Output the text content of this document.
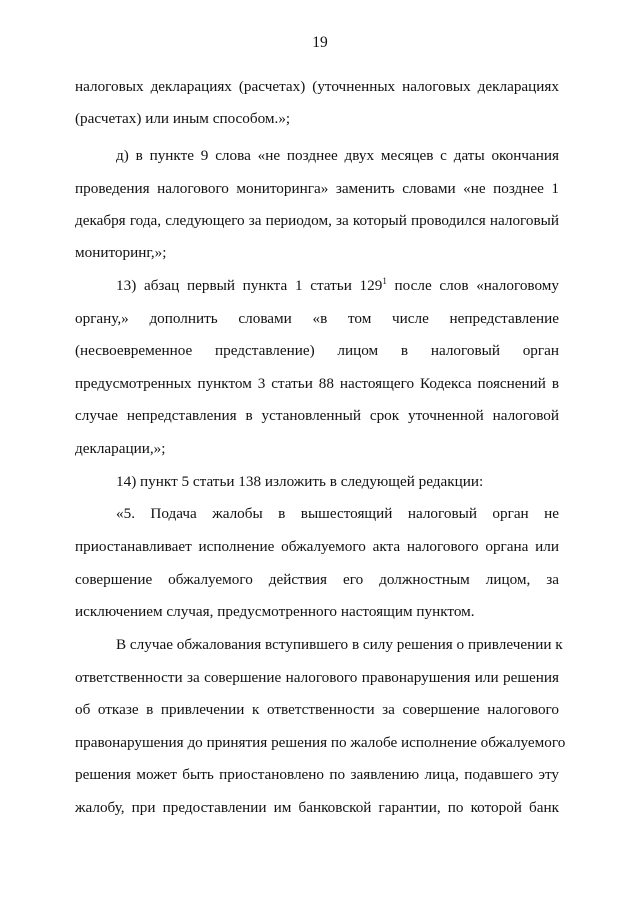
19
налоговых декларациях (расчетах) (уточненных налоговых декларациях
(расчетах) или иным способом.»;
д) в пункте 9 слова «не позднее двух месяцев с даты окончания
проведения налогового мониторинга» заменить словами «не позднее 1
декабря года, следующего за периодом, за который проводился налоговый
мониторинг,»;
13) абзац первый пункта 1 статьи $129^1$ после слов «налоговому
органу,» дополнить словами «в том числе непредставление
(несвоевременное представление) лицом в налоговый орган
предусмотренных пунктом 3 статьи 88 настоящего Кодекса пояснений в
случае непредставления в установленный срок уточненной налоговой
декларации,»;
14) пункт 5 статьи 138 изложить в следующей редакции:
«5. Подача жалобы в вышестоящий налоговый орган не
приостанавливает исполнение обжалуемого акта налогового органа или
совершение обжалуемого действия его должностным лицом, за
исключением случая, предусмотренного настоящим пунктом.
В случае обжалования вступившего в силу решения о привлечении к
ответственности за совершение налогового правонарушения или решения
об отказе в привлечении к ответственности за совершение налогового
правонарушения до принятия решения по жалобе исполнение обжалуемого
решения может быть приостановлено по заявлению лица, подавшего эту
жалобу, при предоставлении им банковской гарантии, по которой банк
